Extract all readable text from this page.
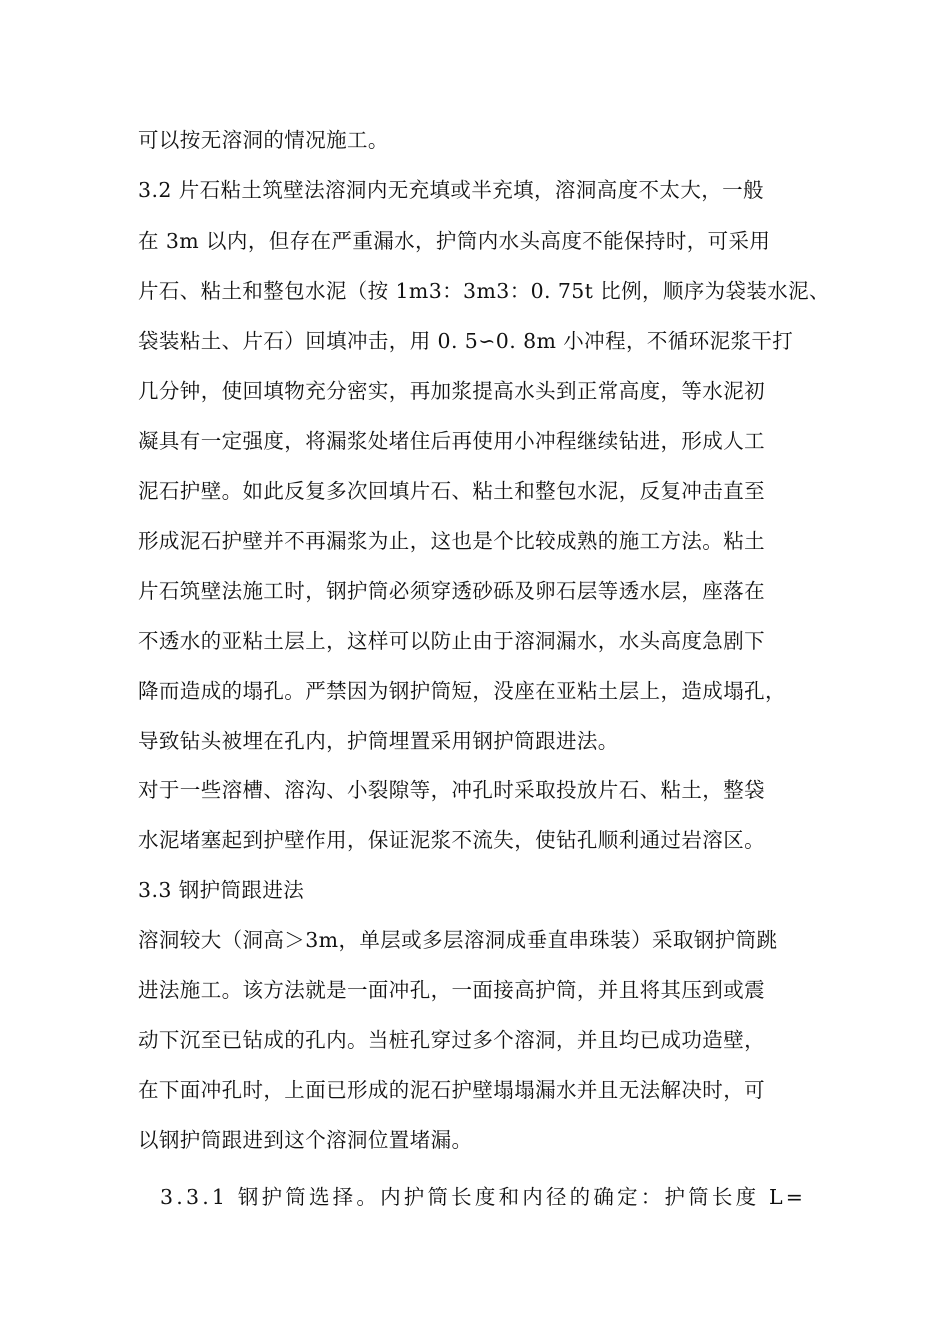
可以按无溶洞的情况施工。
3.2 片石粘土筑壁法溶洞内无充填或半充填，溶洞高度不太大，一般
在 3m 以内，但存在严重漏水，护筒内水头高度不能保持时，可采用
片石、粘土和整包水泥（按 1m3：3m3：0. 75t 比例，顺序为袋装水泥、
袋装粘土、片石）回填冲击，用 0. 5∽0. 8m 小冲程，不循环泥浆干打
几分钟，使回填物充分密实，再加浆提高水头到正常高度，等水泥初
凝具有一定强度，将漏浆处堵住后再使用小冲程继续钻进，形成人工
泥石护壁。如此反复多次回填片石、粘土和整包水泥，反复冲击直至
形成泥石护壁并不再漏浆为止，这也是个比较成熟的施工方法。粘土
片石筑壁法施工时，钢护筒必须穿透砂砾及卵石层等透水层，座落在
不透水的亚粘土层上，这样可以防止由于溶洞漏水，水头高度急剧下
降而造成的塌孔。严禁因为钢护筒短，没座在亚粘土层上，造成塌孔，
导致钻头被埋在孔内，护筒埋置采用钢护筒跟进法。
对于一些溶槽、溶沟、小裂隙等，冲孔时采取投放片石、粘土，整袋
水泥堵塞起到护壁作用，保证泥浆不流失，使钻孔顺利通过岩溶区。
3.3 钢护筒跟进法
溶洞较大（洞高＞3m，单层或多层溶洞成垂直串珠装）采取钢护筒跳
进法施工。该方法就是一面冲孔，一面接高护筒，并且将其压到或震
动下沉至已钻成的孔内。当桩孔穿过多个溶洞，并且均已成功造壁，
在下面冲孔时，上面已形成的泥石护壁塌塌漏水并且无法解决时，可
以钢护筒跟进到这个溶洞位置堵漏。
3.3.1 钢护筒选择。内护筒长度和内径的确定：护筒长度 L=
